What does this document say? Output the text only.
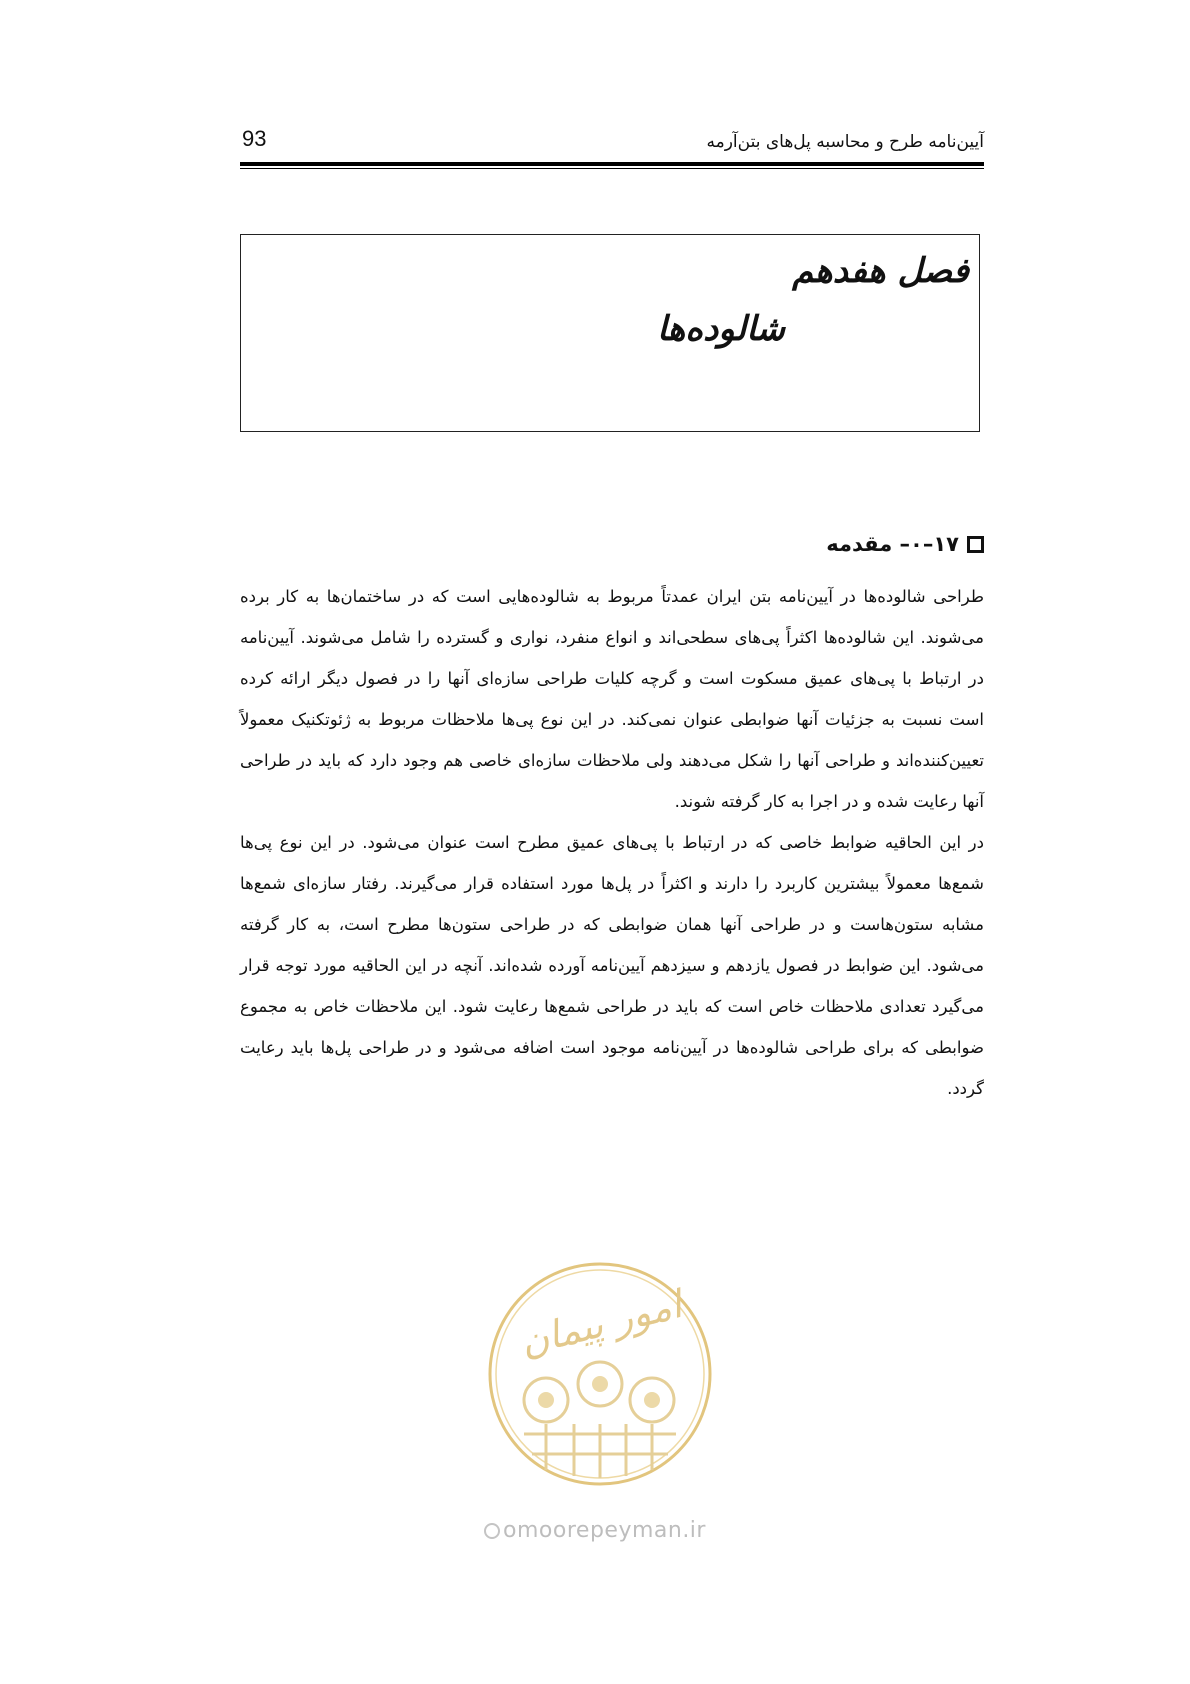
93	آیین‌نامه طرح و محاسبه پل‌های بتن‌آرمه
فصل هفدهم
شالوده‌ها
۱۷–۰– مقدمه

طراحی شالوده‌ها در آیین‌نامه بتن ایران عمدتاً مربوط به شالوده‌هایی است که در ساختمان‌ها به کار برده می‌شوند. این شالوده‌ها اکثراً پی‌های سطحی‌اند و انواع منفرد، نواری و گسترده را شامل می‌شوند. آیین‌نامه در ارتباط با پی‌های عمیق مسکوت است و گرچه کلیات طراحی سازه‌ای آنها را در فصول دیگر ارائه کرده است نسبت به جزئیات آنها ضوابطی عنوان نمی‌کند. در این نوع پی‌ها ملاحظات مربوط به ژئوتکنیک معمولاً تعیین‌کننده‌اند و طراحی آنها را شکل می‌دهند ولی ملاحظات سازه‌ای خاصی هم وجود دارد که باید در طراحی آنها رعایت شده و در اجرا به کار گرفته شوند.

در این الحاقیه ضوابط خاصی که در ارتباط با پی‌های عمیق مطرح است عنوان می‌شود. در این نوع پی‌ها شمع‌ها معمولاً بیشترین کاربرد را دارند و اکثراً در پل‌ها مورد استفاده قرار می‌گیرند. رفتار سازه‌ای شمع‌ها مشابه ستون‌هاست و در طراحی آنها همان ضوابطی که در طراحی ستون‌ها مطرح است، به کار گرفته می‌شود. این ضوابط در فصول یازدهم و سیزدهم آیین‌نامه آورده شده‌اند. آنچه در این الحاقیه مورد توجه قرار می‌گیرد تعدادی ملاحظات خاص است که باید در طراحی شمع‌ها رعایت شود. این ملاحظات خاص به مجموع ضوابطی که برای طراحی شالوده‌ها در آیین‌نامه موجود است اضافه می‌شود و در طراحی پل‌ها باید رعایت گردد.

امور پیمان
omoorepeyman.ir
